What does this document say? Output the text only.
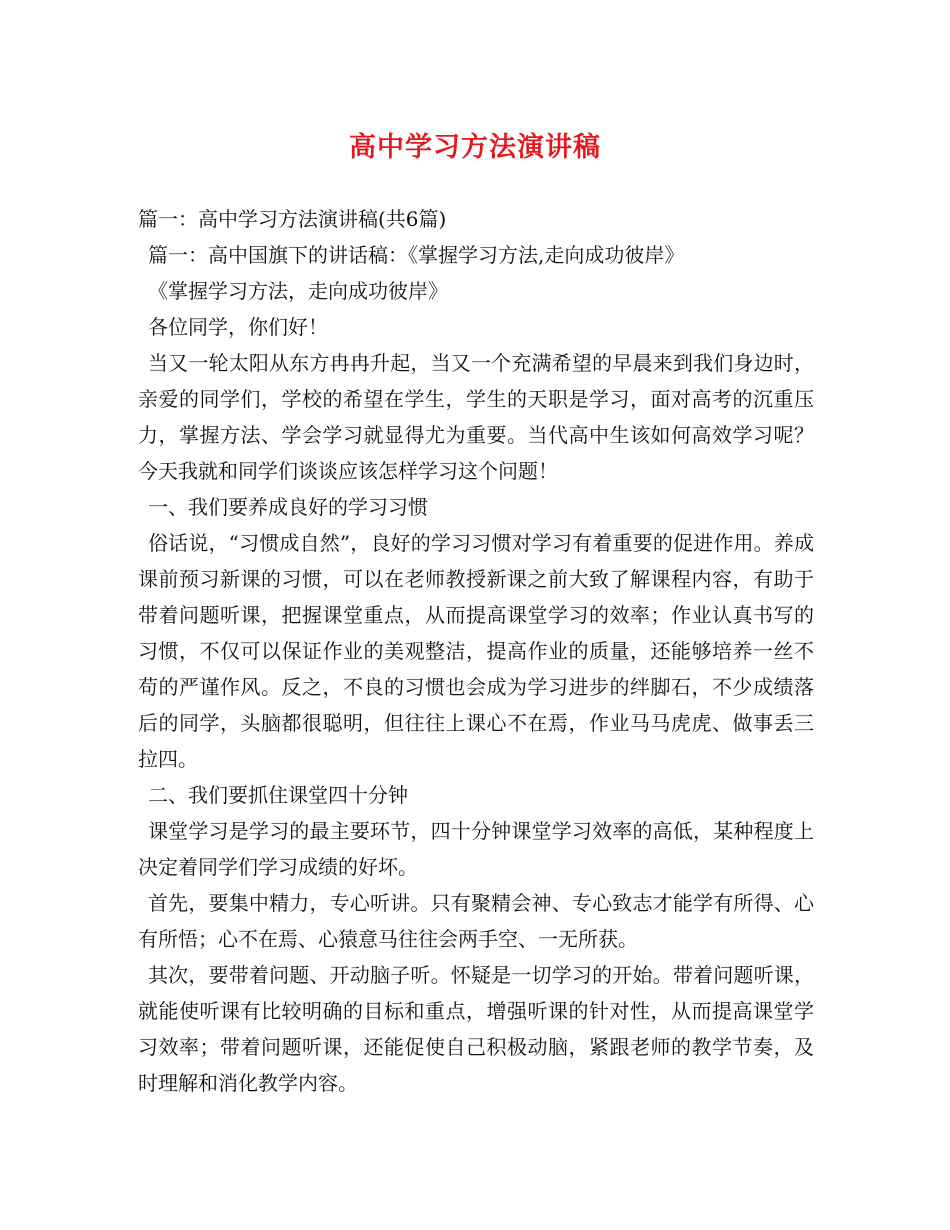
高中学习方法演讲稿

篇一：高中学习方法演讲稿(共6篇)

篇一：高中国旗下的讲话稿：《掌握学习方法,走向成功彼岸》

《掌握学习方法，走向成功彼岸》

各位同学，你们好！

当又一轮太阳从东方冉冉升起，当又一个充满希望的早晨来到我们身边时，亲爱的同学们，学校的希望在学生，学生的天职是学习，面对高考的沉重压力，掌握方法、学会学习就显得尤为重要。当代高中生该如何高效学习呢？今天我就和同学们谈谈应该怎样学习这个问题！

一、我们要养成良好的学习习惯

俗话说，“习惯成自然”，良好的学习习惯对学习有着重要的促进作用。养成课前预习新课的习惯，可以在老师教授新课之前大致了解课程内容，有助于带着问题听课，把握课堂重点，从而提高课堂学习的效率；作业认真书写的习惯，不仅可以保证作业的美观整洁，提高作业的质量，还能够培养一丝不苟的严谨作风。反之，不良的习惯也会成为学习进步的绊脚石，不少成绩落后的同学，头脑都很聪明，但往往上课心不在焉，作业马马虎虎、做事丢三拉四。

二、我们要抓住课堂四十分钟

课堂学习是学习的最主要环节，四十分钟课堂学习效率的高低，某种程度上决定着同学们学习成绩的好坏。

首先，要集中精力，专心听讲。只有聚精会神、专心致志才能学有所得、心有所悟；心不在焉、心猿意马往往会两手空、一无所获。

其次，要带着问题、开动脑子听。怀疑是一切学习的开始。带着问题听课，就能使听课有比较明确的目标和重点，增强听课的针对性，从而提高课堂学习效率；带着问题听课，还能促使自己积极动脑，紧跟老师的教学节奏，及时理解和消化教学内容。
